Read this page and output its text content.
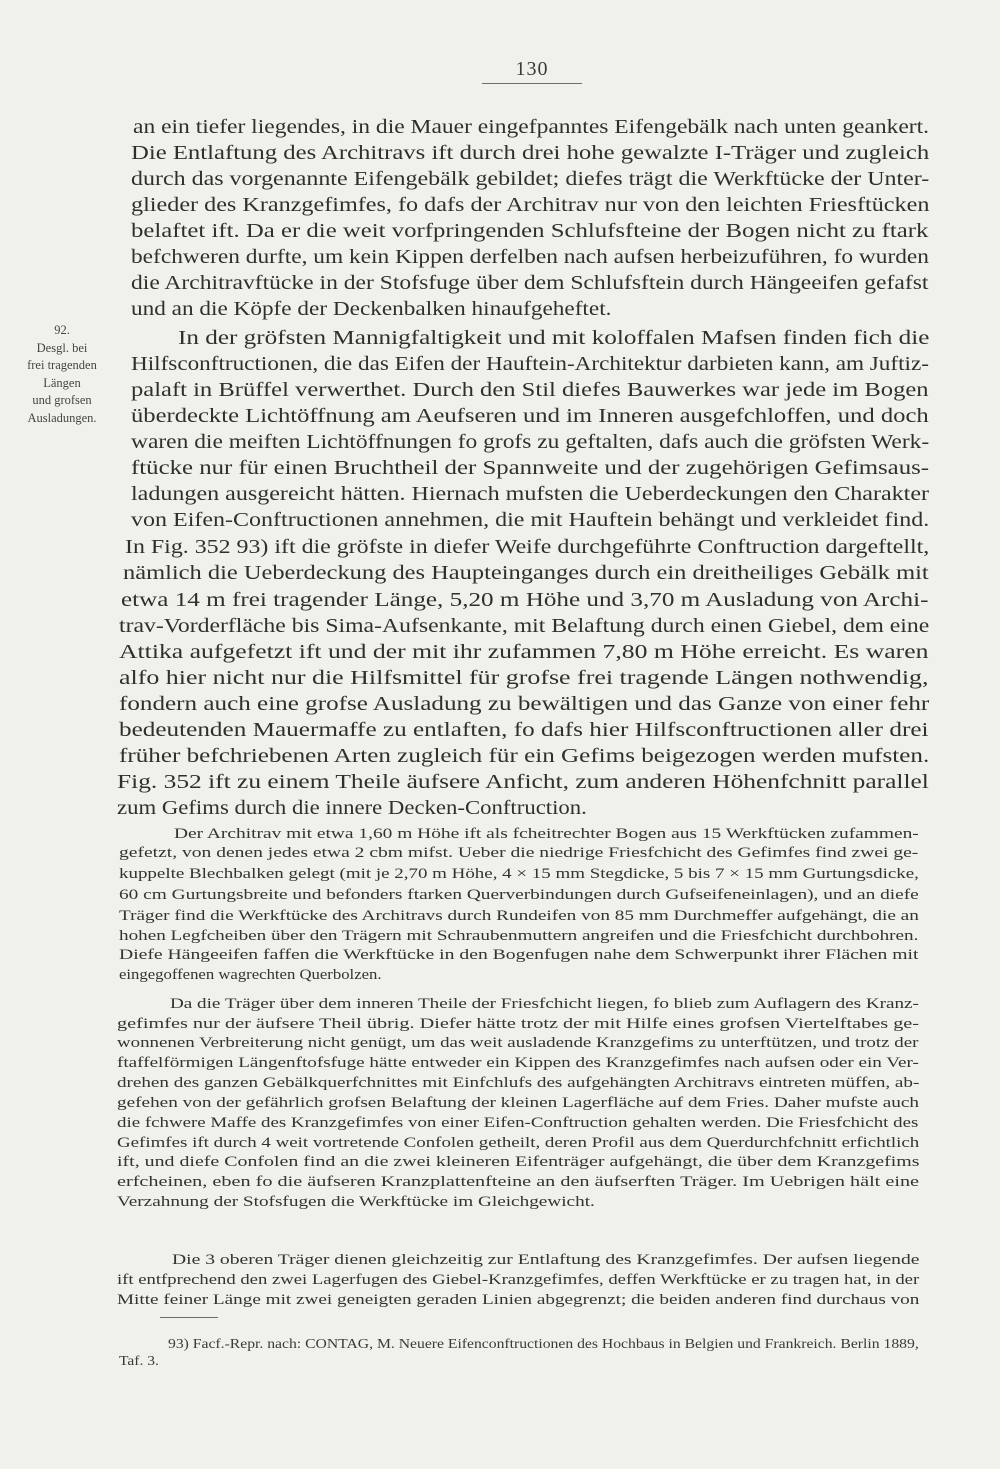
130
92.
Desgl. bei
frei tragenden
Längen
und grofsen
Ausladungen.
an ein tiefer liegendes, in die Mauer eingefpanntes Eifengebälk nach unten geankert.
Die Entlaftung des Architravs ift durch drei hohe gewalzte I-Träger und zugleich
durch das vorgenannte Eifengebälk gebildet; diefes trägt die Werkftücke der Unter-
glieder des Kranzgefimfes, fo dafs der Architrav nur von den leichten Friesftücken
belaftet ift. Da er die weit vorfpringenden Schlufsfteine der Bogen nicht zu ftark
befchweren durfte, um kein Kippen derfelben nach aufsen herbeizuführen, fo wurden
die Architravftücke in der Stofsfuge über dem Schlufsftein durch Hängeeifen gefafst
und an die Köpfe der Deckenbalken hinaufgeheftet.
In der gröfsten Mannigfaltigkeit und mit koloffalen Mafsen finden fich die
Hilfsconftructionen, die das Eifen der Hauftein-Architektur darbieten kann, am Juftiz-
palaft in Brüffel verwerthet. Durch den Stil diefes Bauwerkes war jede im Bogen
überdeckte Lichtöffnung am Aeufseren und im Inneren ausgefchloffen, und doch
waren die meiften Lichtöffnungen fo grofs zu geftalten, dafs auch die gröfsten Werk-
ftücke nur für einen Bruchtheil der Spannweite und der zugehörigen Gefimsaus-
ladungen ausgereicht hätten. Hiernach mufsten die Ueberdeckungen den Charakter
von Eifen-Conftructionen annehmen, die mit Hauftein behängt und verkleidet find.
In Fig. 352 93) ift die gröfste in diefer Weife durchgeführte Conftruction dargeftellt,
nämlich die Ueberdeckung des Haupteinganges durch ein dreitheiliges Gebälk mit
etwa 14 m frei tragender Länge, 5,20 m Höhe und 3,70 m Ausladung von Archi-
trav-Vorderfläche bis Sima-Aufsenkante, mit Belaftung durch einen Giebel, dem eine
Attika aufgefetzt ift und der mit ihr zufammen 7,80 m Höhe erreicht. Es waren
alfo hier nicht nur die Hilfsmittel für grofse frei tragende Längen nothwendig,
fondern auch eine grofse Ausladung zu bewältigen und das Ganze von einer fehr
bedeutenden Mauermaffe zu entlaften, fo dafs hier Hilfsconftructionen aller drei
früher befchriebenen Arten zugleich für ein Gefims beigezogen werden mufsten.
Fig. 352 ift zu einem Theile äufsere Anficht, zum anderen Höhenfchnitt parallel
zum Gefims durch die innere Decken-Conftruction.
Der Architrav mit etwa 1,60 m Höhe ift als fcheitrechter Bogen aus 15 Werkftücken zufammen-
gefetzt, von denen jedes etwa 2 cbm mifst. Ueber die niedrige Friesfchicht des Gefimfes find zwei ge-
kuppelte Blechbalken gelegt (mit je 2,70 m Höhe, 4 × 15 mm Stegdicke, 5 bis 7 × 15 mm Gurtungsdicke,
60 cm Gurtungsbreite und befonders ftarken Querverbindungen durch Gufseifeneinlagen), und an diefe
Träger find die Werkftücke des Architravs durch Rundeifen von 85 mm Durchmeffer aufgehängt, die an
hohen Legfcheiben über den Trägern mit Schraubenmuttern angreifen und die Friesfchicht durchbohren.
Diefe Hängeeifen faffen die Werkftücke in den Bogenfugen nahe dem Schwerpunkt ihrer Flächen mit
eingegoffenen wagrechten Querbolzen.
Da die Träger über dem inneren Theile der Friesfchicht liegen, fo blieb zum Auflagern des Kranz-
gefimfes nur der äufsere Theil übrig. Diefer hätte trotz der mit Hilfe eines grofsen Viertelftabes ge-
wonnenen Verbreiterung nicht genügt, um das weit ausladende Kranzgefims zu unterftützen, und trotz der
ftaffelförmigen Längenftofsfuge hätte entweder ein Kippen des Kranzgefimfes nach aufsen oder ein Ver-
drehen des ganzen Gebälkquerfchnittes mit Einfchlufs des aufgehängten Architravs eintreten müffen, ab-
gefehen von der gefährlich grofsen Belaftung der kleinen Lagerfläche auf dem Fries. Daher mufste auch
die fchwere Maffe des Kranzgefimfes von einer Eifen-Conftruction gehalten werden. Die Friesfchicht des
Gefimfes ift durch 4 weit vortretende Confolen getheilt, deren Profil aus dem Querdurchfchnitt erfichtlich
ift, und diefe Confolen find an die zwei kleineren Eifenträger aufgehängt, die über dem Kranzgefims
erfcheinen, eben fo die äufseren Kranzplattenfteine an den äufserften Träger. Im Uebrigen hält eine
Verzahnung der Stofsfugen die Werkftücke im Gleichgewicht.
Die 3 oberen Träger dienen gleichzeitig zur Entlaftung des Kranzgefimfes. Der aufsen liegende
ift entfprechend den zwei Lagerfugen des Giebel-Kranzgefimfes, deffen Werkftücke er zu tragen hat, in der
Mitte feiner Länge mit zwei geneigten geraden Linien abgegrenzt; die beiden anderen find durchaus von
93) Facf.-Repr. nach: CONTAG, M. Neuere Eifenconftructionen des Hochbaus in Belgien und Frankreich. Berlin 1889,
Taf. 3.
